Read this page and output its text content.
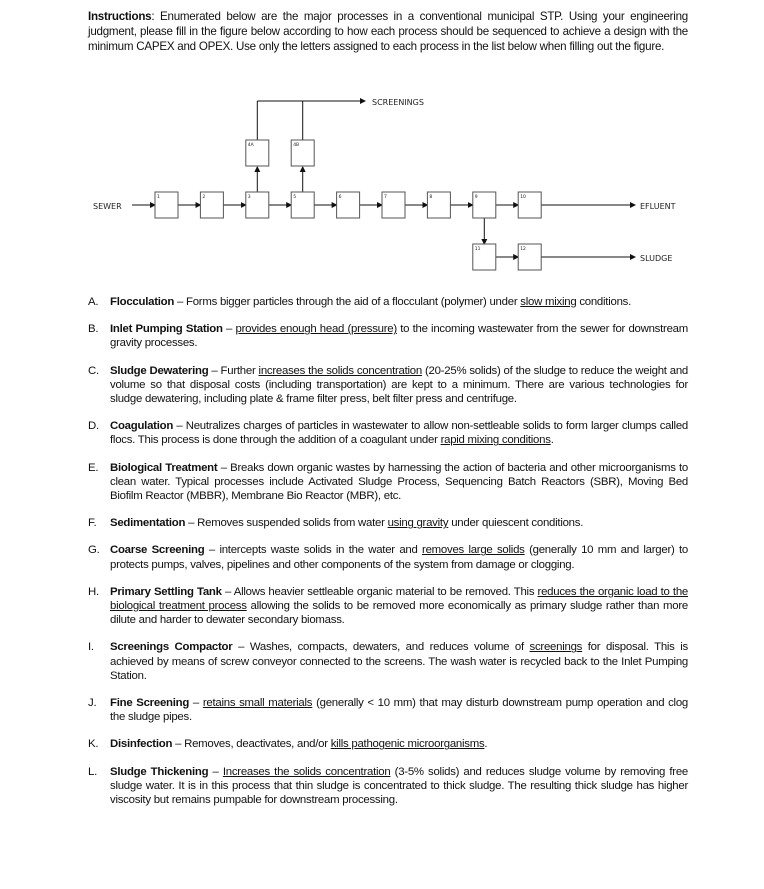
Instructions: Enumerated below are the major processes in a conventional municipal STP. Using your engineering judgment, please fill in the figure below according to how each process should be sequenced to achieve a design with the minimum CAPEX and OPEX. Use only the letters assigned to each process in the list below when filling out the figure.
1	2	3	5	6	7	8	9	10
4A	4B
11	12
SEWER	EFLUENT
SCREENINGS
SLUDGE
A.	Flocculation – Forms bigger particles through the aid of a flocculant (polymer) under slow mixing conditions.
B.	Inlet Pumping Station – provides enough head (pressure) to the incoming wastewater from the sewer for downstream gravity processes.
C. Sludge Dewatering – Further increases the solids concentration (20-25% solids) of the sludge to reduce the weight and volume so that disposal costs (including transportation) are kept to a minimum. There are various technologies for sludge dewatering, including plate & frame filter press, belt filter press and centrifuge.
D. Coagulation – Neutralizes charges of particles in wastewater to allow non-settleable solids to form larger clumps called flocs. This process is done through the addition of a coagulant under rapid mixing conditions.
E.	Biological Treatment – Breaks down organic wastes by harnessing the action of bacteria and other microorganisms to clean water. Typical processes include Activated Sludge Process, Sequencing Batch Reactors (SBR), Moving Bed Biofilm Reactor (MBBR), Membrane Bio Reactor (MBR), etc.
F.	Sedimentation – Removes suspended solids from water using gravity under quiescent conditions.
G. Coarse Screening – intercepts waste solids in the water and removes large solids (generally 10 mm and larger) to protects pumps, valves, pipelines and other components of the system from damage or clogging.
H. Primary Settling Tank – Allows heavier settleable organic material to be removed. This reduces the organic load to the biological treatment process allowing the solids to be removed more economically as primary sludge rather than more dilute and harder to dewater secondary biomass.
I.	Screenings Compactor – Washes, compacts, dewaters, and reduces volume of screenings for disposal. This is achieved by means of screw conveyor connected to the screens. The wash water is recycled back to the Inlet Pumping Station.
J.	Fine Screening – retains small materials (generally < 10 mm) that may disturb downstream pump operation and clog the sludge pipes.
K.	Disinfection – Removes, deactivates, and/or kills pathogenic microorganisms.
L.	Sludge Thickening – Increases the solids concentration (3-5% solids) and reduces sludge volume by removing free sludge water. It is in this process that thin sludge is concentrated to thick sludge. The resulting thick sludge has higher viscosity but remains pumpable for downstream processing.
